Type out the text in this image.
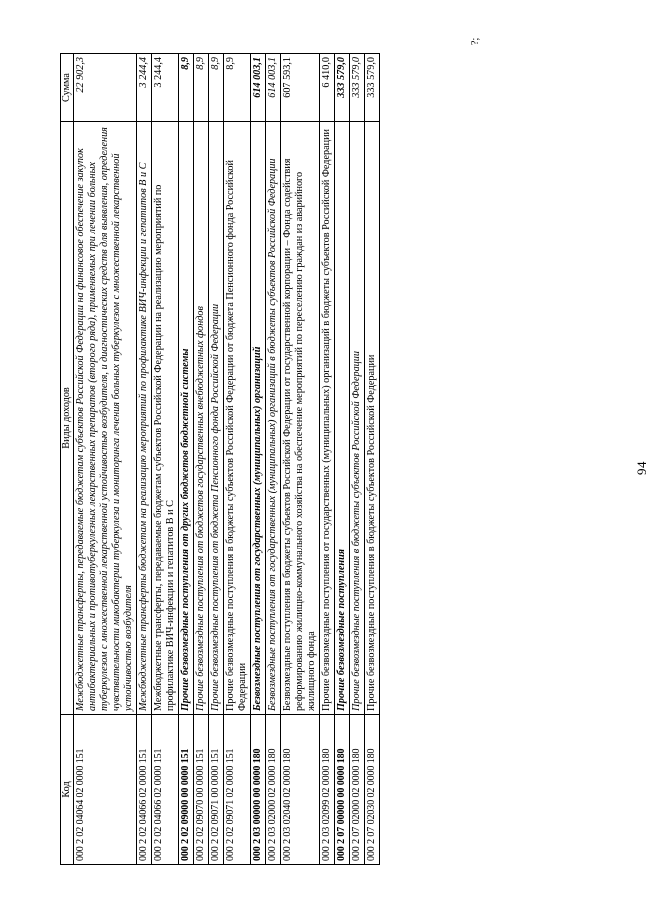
Код	Виды доходов	Сумма
000 2 02 04064 02 0000 151	Межбюджетные трансферты, передаваемые бюджетам субъектов Российской Федерации на финансовое обеспечение закупок антибактериальных и противотуберкулезных лекарственных препаратов (второго ряда), применяемых при лечении больных туберкулезом с множественной лекарственной устойчивостью возбудителя, и диагностических средств для выявления, определения чувствительности микобактерии туберкулеза и мониторинга лечения больных туберкулезом с множественной лекарственной устойчивостью возбудителя	22 902,3
000 2 02 04066 02 0000 151	Межбюджетные трансферты бюджетам на реализацию мероприятий по профилактике ВИЧ-инфекции и гепатитов В и С	3 244,4
000 2 02 04066 02 0000 151	Межбюджетные трансферты, передаваемые бюджетам субъектов Российской Федерации на реализацию мероприятий по профилактике ВИЧ-инфекции и гепатитов В и С	3 244,4
000 2 02 09000 00 0000 151	Прочие безвозмездные поступления от других бюджетов бюджетной системы	8,9
000 2 02 09070 00 0000 151	Прочие безвозмездные поступления от бюджетов государственных внебюджетных фондов	8,9
000 2 02 09071 00 0000 151	Прочие безвозмездные поступления от бюджета Пенсионного фонда Российской Федерации	8,9
000 2 02 09071 02 0000 151	Прочие безвозмездные поступления в бюджеты субъектов Российской Федерации от бюджета Пенсионного фонда Российской Федерации	8,9
000 2 03 00000 00 0000 180	Безвозмездные поступления от государственных (муниципальных) организаций	614 003,1
000 2 03 02000 02 0000 180	Безвозмездные поступления от государственных (муниципальных) организаций в бюджеты субъектов Российской Федерации	614 003,1
000 2 03 02040 02 0000 180	Безвозмездные поступления в бюджеты субъектов Российской Федерации от государственной корпорации – Фонда содействия реформированию жилищно-коммунального хозяйства на обеспечение мероприятий по переселению граждан из аварийного жилищного фонда	607 593,1
000 2 03 02099 02 0000 180	Прочие безвозмездные поступления от государственных (муниципальных) организаций в бюджеты субъектов Российской Федерации	6 410,0
000 2 07 00000 00 0000 180	Прочие безвозмездные поступления	333 579,0
000 2 07 02000 02 0000 180	Прочие безвозмездные поступления в бюджеты субъектов Российской Федерации	333 579,0
000 2 07 02030 02 0000 180	Прочие безвозмездные поступления в бюджеты субъектов Российской Федерации	333 579,0
94
?;
